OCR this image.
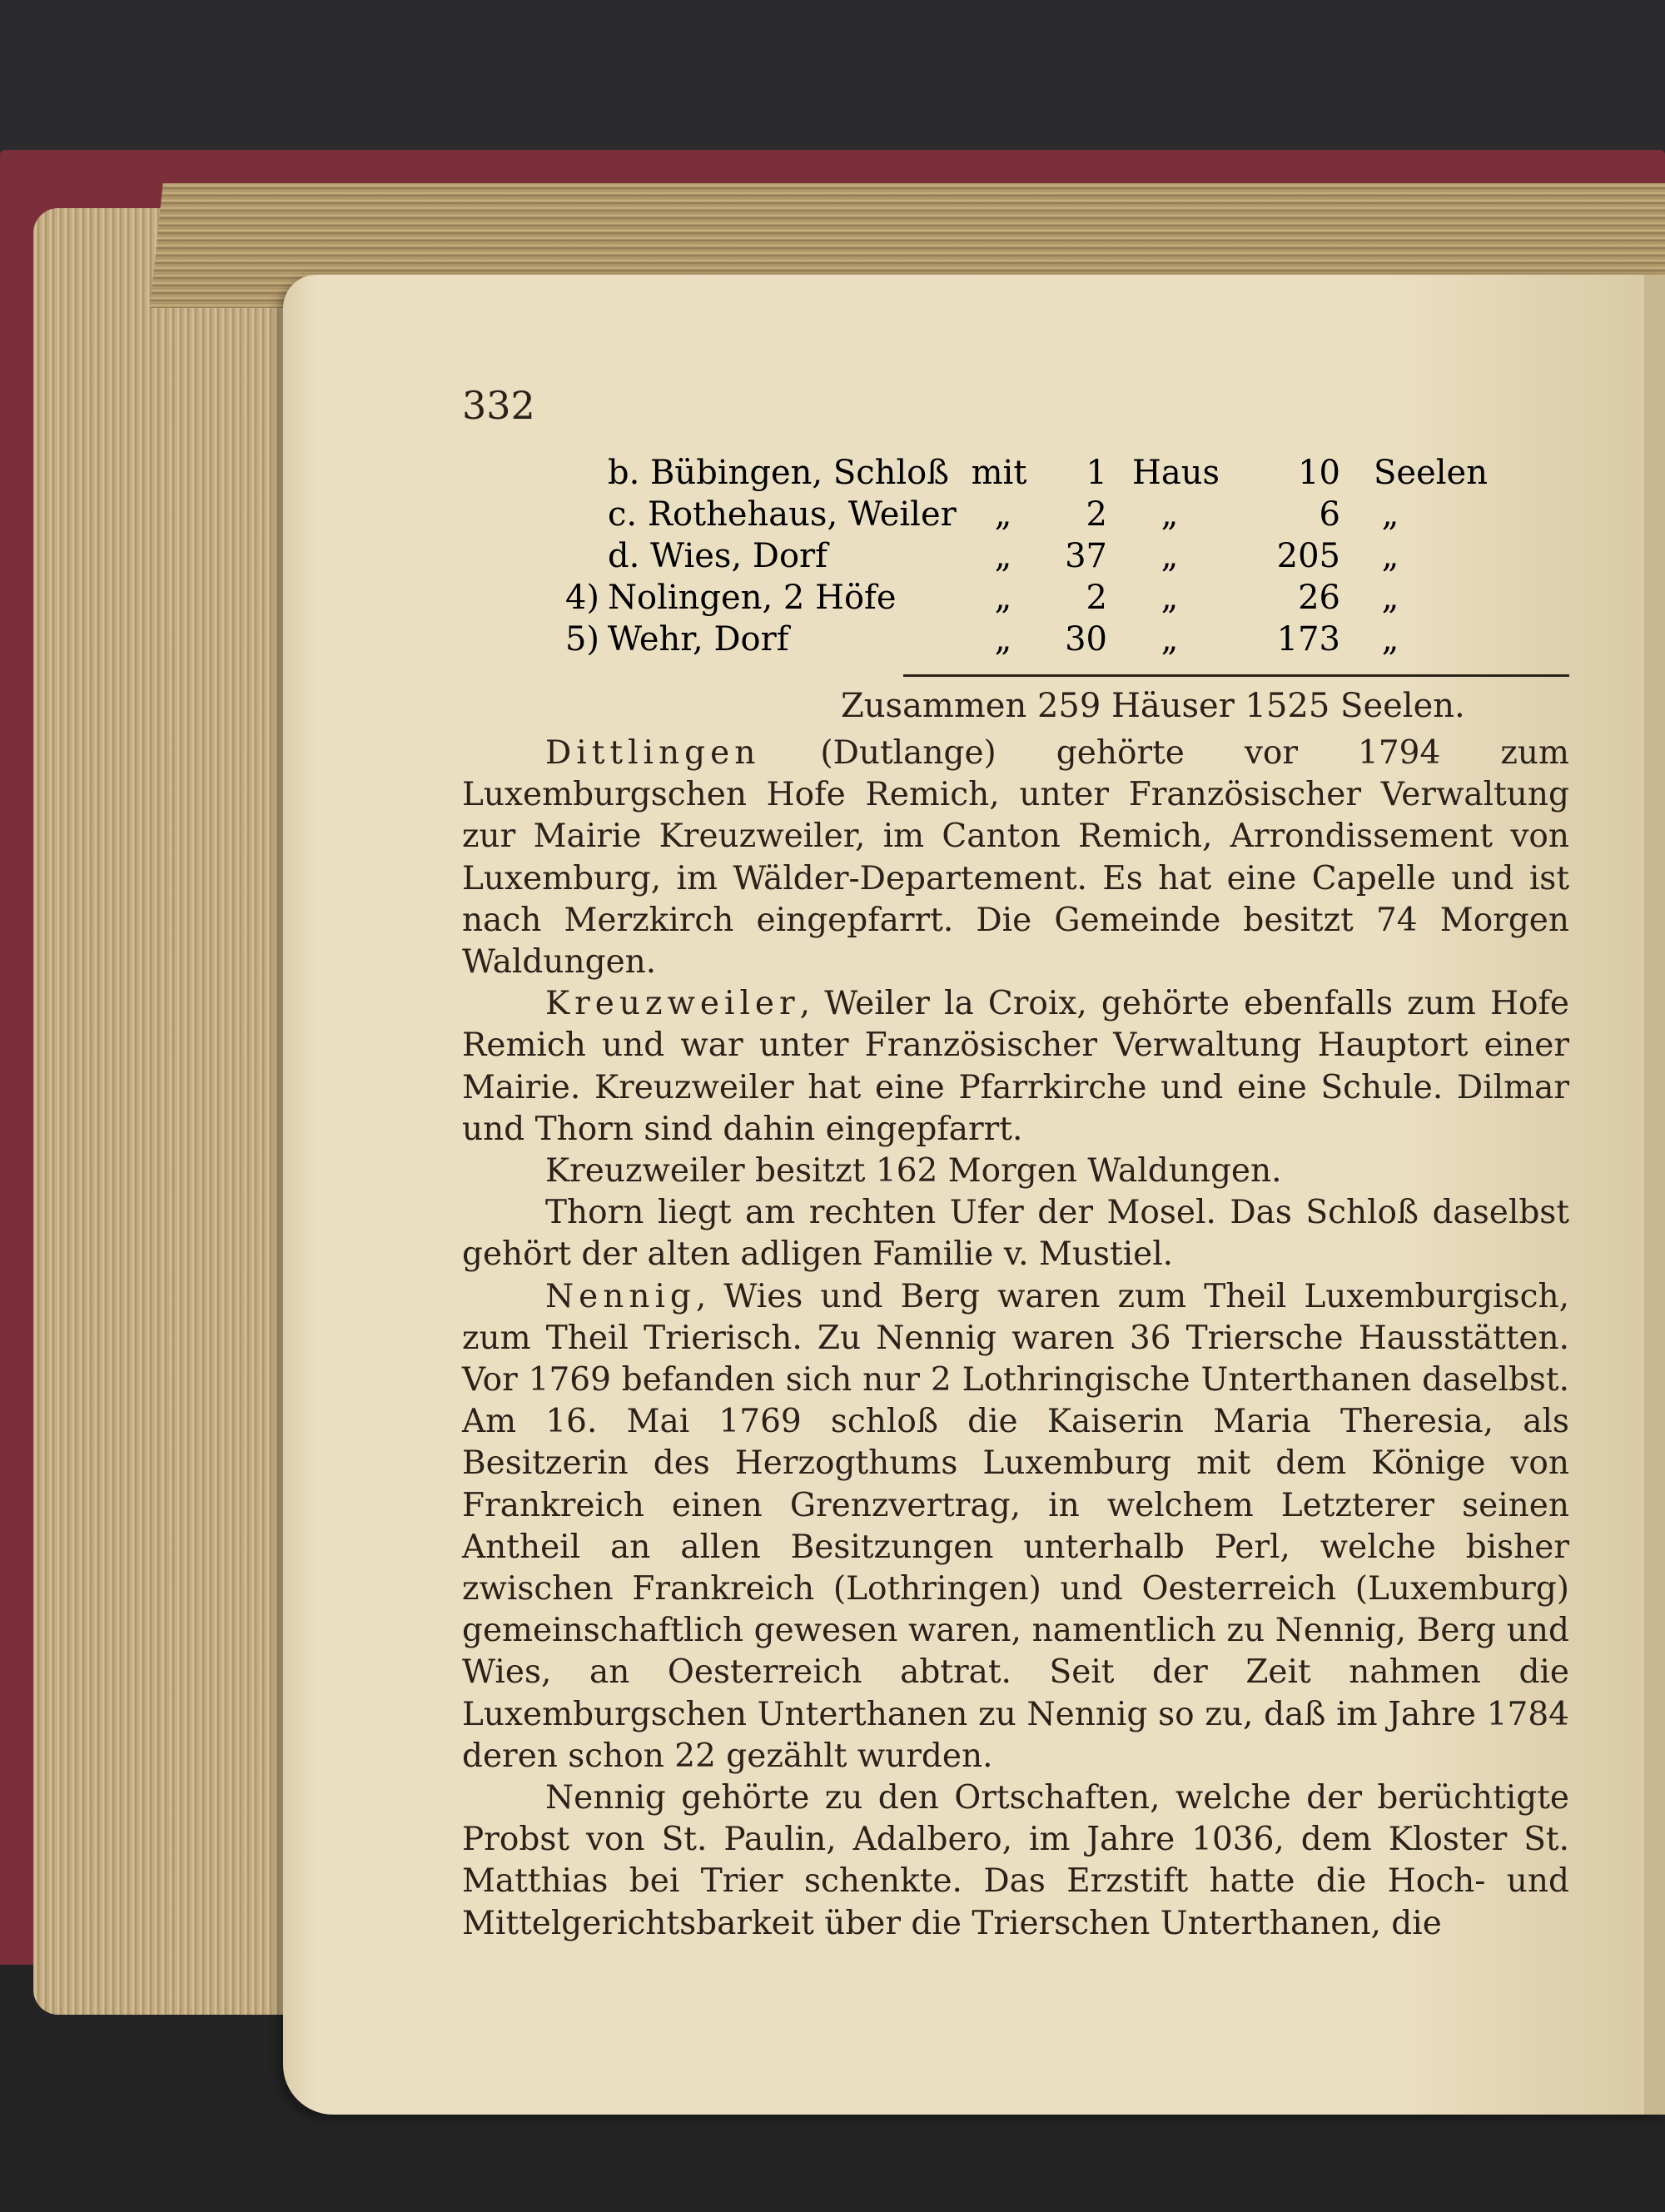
332
b. Bübingen, Schloß mit	1 Haus	10 Seelen
c. Rothehaus, Weiler „	2 „	6 „
d. Wies, Dorf	„	37 „	205 „
4) Nolingen, 2 Höfe	„	2 „	26 „
5) Wehr, Dorf	„	30 „	173 „
Zusammen 259 Häuser 1525 Seelen.

Dittlingen (Dutlange) gehörte vor 1794 zum Luxemburgschen Hofe Remich, unter Französischer Verwaltung zur Mairie Kreuzweiler, im Canton Remich, Arrondissement von Luxemburg, im Wälder-Departement. Es hat eine Capelle und ist nach Merzkirch eingepfarrt. Die Gemeinde besitzt 74 Morgen Waldungen.

Kreuzweiler, Weiler la Croix, gehörte ebenfalls zum Hofe Remich und war unter Französischer Verwaltung Hauptort einer Mairie. Kreuzweiler hat eine Pfarrkirche und eine Schule. Dilmar und Thorn sind dahin eingepfarrt.

Kreuzweiler besitzt 162 Morgen Waldungen.

Thorn liegt am rechten Ufer der Mosel. Das Schloß daselbst gehört der alten adligen Familie v. Mustiel.

Nennig, Wies und Berg waren zum Theil Luxemburgisch, zum Theil Trierisch. Zu Nennig waren 36 Triersche Hausstätten. Vor 1769 befanden sich nur 2 Lothringische Unterthanen daselbst. Am 16. Mai 1769 schloß die Kaiserin Maria Theresia, als Besitzerin des Herzogthums Luxemburg mit dem Könige von Frankreich einen Grenzvertrag, in welchem Letzterer seinen Antheil an allen Besitzungen unterhalb Perl, welche bisher zwischen Frankreich (Lothringen) und Oesterreich (Luxemburg) gemeinschaftlich gewesen waren, namentlich zu Nennig, Berg und Wies, an Oesterreich abtrat. Seit der Zeit nahmen die Luxemburgschen Unterthanen zu Nennig so zu, daß im Jahre 1784 deren schon 22 gezählt wurden.

Nennig gehörte zu den Ortschaften, welche der berüchtigte Probst von St. Paulin, Adalbero, im Jahre 1036, dem Kloster St. Matthias bei Trier schenkte. Das Erzstift hatte die Hoch- und Mittelgerichtsbarkeit über die Trierschen Unterthanen, die
